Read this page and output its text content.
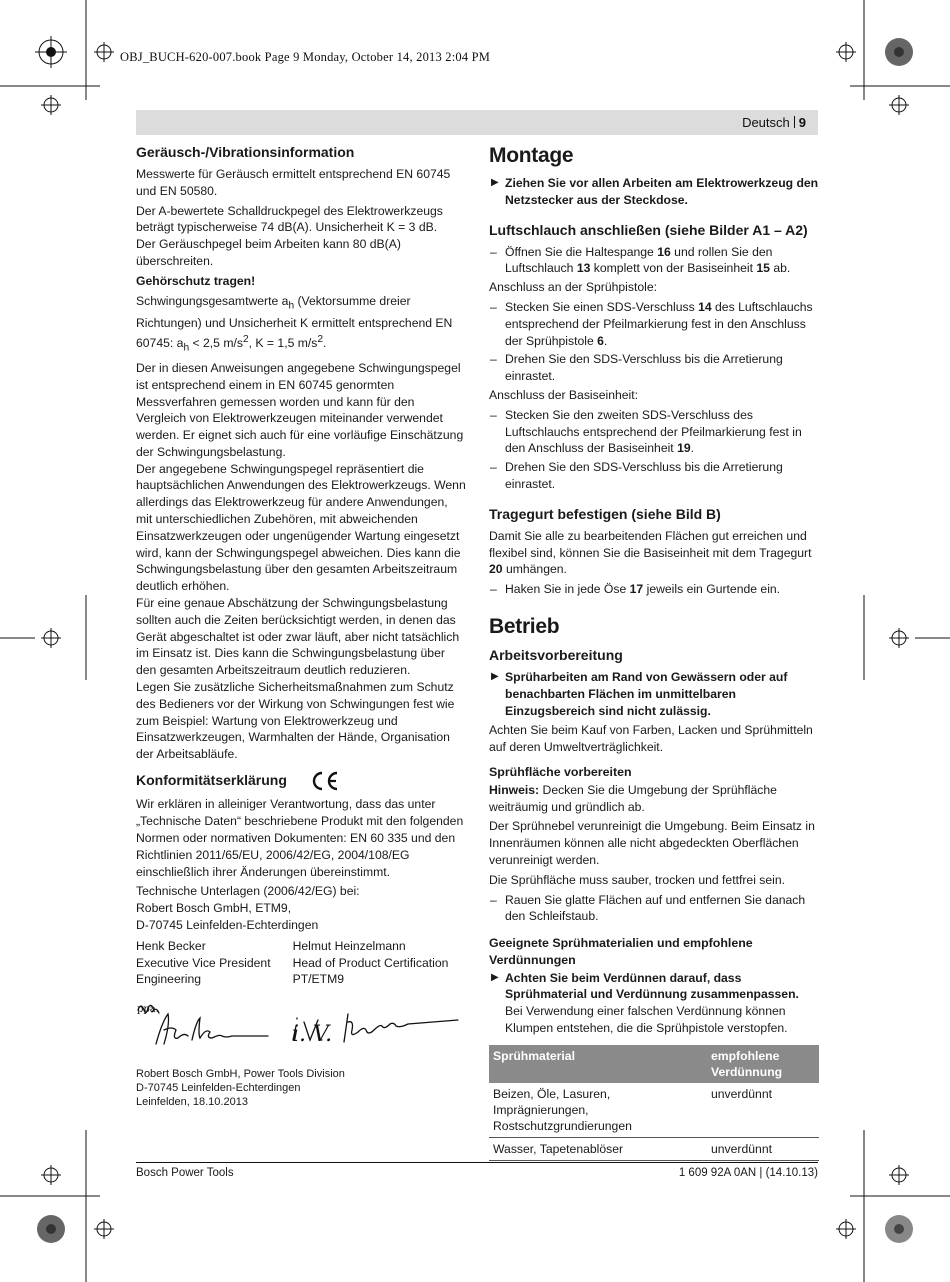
OBJ_BUCH-620-007.book Page 9 Monday, October 14, 2013 2:04 PM
Deutsch 9
Geräusch-/Vibrationsinformation

Messwerte für Geräusch ermittelt entsprechend EN 60745 und EN 50580.

Der A-bewertete Schalldruckpegel des Elektrowerkzeugs beträgt typischerweise 74 dB(A). Unsicherheit K = 3 dB.

Der Geräuschpegel beim Arbeiten kann 80 dB(A) überschreiten.

Gehörschutz tragen!

Schwingungsgesamtwerte $a_h$ (Vektorsumme dreier Richtungen) und Unsicherheit K ermittelt entsprechend EN 60745: $a_h < 2,5$ $m/s^2$, K = 1,5 $m/s^2$.

Der in diesen Anweisungen angegebene Schwingungspegel ist entsprechend einem in EN 60745 genormten Messverfahren gemessen worden und kann für den Vergleich von Elektrowerkzeugen miteinander verwendet werden. Er eignet sich auch für eine vorläufige Einschätzung der Schwingungsbelastung.

Der angegebene Schwingungspegel repräsentiert die hauptsächlichen Anwendungen des Elektrowerkzeugs. Wenn allerdings das Elektrowerkzeug für andere Anwendungen, mit unterschiedlichen Zubehören, mit abweichenden Einsatzwerkzeugen oder ungenügender Wartung eingesetzt wird, kann der Schwingungspegel abweichen. Dies kann die Schwingungsbelastung über den gesamten Arbeitszeitraum deutlich erhöhen.

Für eine genaue Abschätzung der Schwingungsbelastung sollten auch die Zeiten berücksichtigt werden, in denen das Gerät abgeschaltet ist oder zwar läuft, aber nicht tatsächlich im Einsatz ist. Dies kann die Schwingungsbelastung über den gesamten Arbeitszeitraum deutlich reduzieren.

Legen Sie zusätzliche Sicherheitsmaßnahmen zum Schutz des Bedieners vor der Wirkung von Schwingungen fest wie zum Beispiel: Wartung von Elektrowerkzeug und Einsatzwerkzeugen, Warmhalten der Hände, Organisation der Arbeitsabläufe.

Konformitätserklärung

Wir erklären in alleiniger Verantwortung, dass das unter „Technische Daten“ beschriebene Produkt mit den folgenden Normen oder normativen Dokumenten: EN 60 335 und den Richtlinien 2011/65/EU, 2006/42/EG, 2004/108/EG einschließlich ihrer Änderungen übereinstimmt.

Technische Unterlagen (2006/42/EG) bei:

Robert Bosch GmbH, ETM9,

D-70745 Leinfelden-Echterdingen

Henk Becker
Executive Vice President
Engineering
Helmut Heinzelmann
Head of Product Certification
PT/ETM9
ppa.
i. V.
Robert Bosch GmbH, Power Tools Division
D-70745 Leinfelden-Echterdingen
Leinfelden, 18.10.2013
Montage
▶ Ziehen Sie vor allen Arbeiten am Elektrowerkzeug den Netzstecker aus der Steckdose.
Luftschlauch anschließen (siehe Bilder A1 – A2)
– Öffnen Sie die Haltespange 16 und rollen Sie den Luftschlauch 13 komplett von der Basiseinheit 15 ab.

Anschluss an der Sprühpistole:

– Stecken Sie einen SDS-Verschluss 14 des Luftschlauchs entsprechend der Pfeilmarkierung fest in den Anschluss der Sprühpistole 6.
– Drehen Sie den SDS-Verschluss bis die Arretierung einrastet.

Anschluss der Basiseinheit:

– Stecken Sie den zweiten SDS-Verschluss des Luftschlauchs entsprechend der Pfeilmarkierung fest in den Anschluss der Basiseinheit 19.
– Drehen Sie den SDS-Verschluss bis die Arretierung einrastet.
Tragegurt befestigen (siehe Bild B)

Damit Sie alle zu bearbeitenden Flächen gut erreichen und flexibel sind, können Sie die Basiseinheit mit dem Tragegurt 20 umhängen.

– Haken Sie in jede Öse 17 jeweils ein Gurtende ein.
Betrieb
Arbeitsvorbereitung
▶ Sprüharbeiten am Rand von Gewässern oder auf benachbarten Flächen im unmittelbaren Einzugsbereich sind nicht zulässig.

Achten Sie beim Kauf von Farben, Lacken und Sprühmitteln auf deren Umweltverträglichkeit.

Sprühfläche vorbereiten

Hinweis: Decken Sie die Umgebung der Sprühfläche weiträumig und gründlich ab.

Der Sprühnebel verunreinigt die Umgebung. Beim Einsatz in Innenräumen können alle nicht abgedeckten Oberflächen verunreinigt werden.

Die Sprühfläche muss sauber, trocken und fettfrei sein.

– Rauen Sie glatte Flächen auf und entfernen Sie danach den Schleifstaub.
Geeignete Sprühmaterialien und empfohlene Verdünnungen
▶ Achten Sie beim Verdünnen darauf, dass Sprühmaterial und Verdünnung zusammenpassen. Bei Verwendung einer falschen Verdünnung können Klumpen entstehen, die die Sprühpistole verstopfen.
Sprühmaterial	empfohlene Verdünnung
Beizen, Öle, Lasuren, Imprägnierungen, Rostschutzgrundierungen	unverdünnt
Wasser, Tapetenablöser	unverdünnt
Bosch Power Tools	1 609 92A 0AN | (14.10.13)
